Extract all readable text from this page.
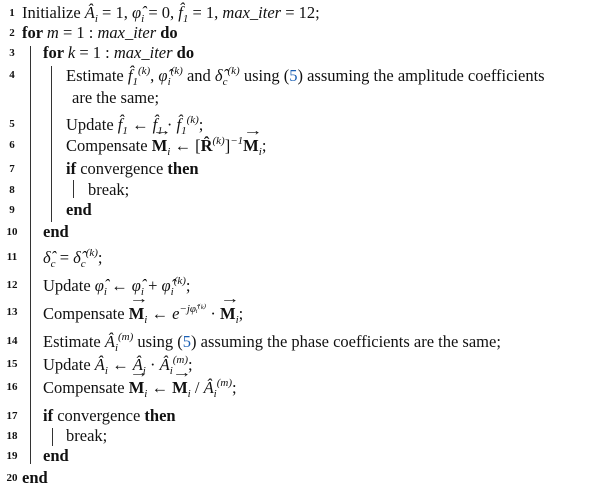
1 Initialize $Â_i = 1$, $\varphî_i = 0$, $f̂_1 = 1$, max_iter = 12;
2 for m = 1 : max_iter do
3	for k = 1 : max_iter do
4	Estimate $f̂_1^{(k)}$, $\varphî_i^{(k)}$ and $\deltâ_c^{(k)}$ using (5) assuming the amplitude coefficients
are the same;
5	Update $f̂_1$ ← $f̂_1$ · $f̂_1^{(k)}$;
6	Compensate → $M_i$ ← [R̂$^{(k)}$]$^{-1}$→ $M_i$;
7	if convergence then
8	break;
9	end
10	end
11	$\deltâ_c$ = $\deltâ_c^{(k)}$;
12	Update $\varphî_i$ ← $\varphî_i$ + $\varphî_i^{(k)}$;
13	Compensate → $M_i$ ← $e^{-j\varphîᵢ^(ᵏ^)}$ · → $M_i$;
14	Estimate $Â_i^{(m)}$ using (5) assuming the phase coefficients are the same;
15	Update $Â_i$ ← $Â_i$ · $Â_i^{(m)}$;
16	Compensate → $M_i$ ← → $M_i$ / $Â_i^{(m)}$;
17	if convergence then
18	break;
19	end
20 end
